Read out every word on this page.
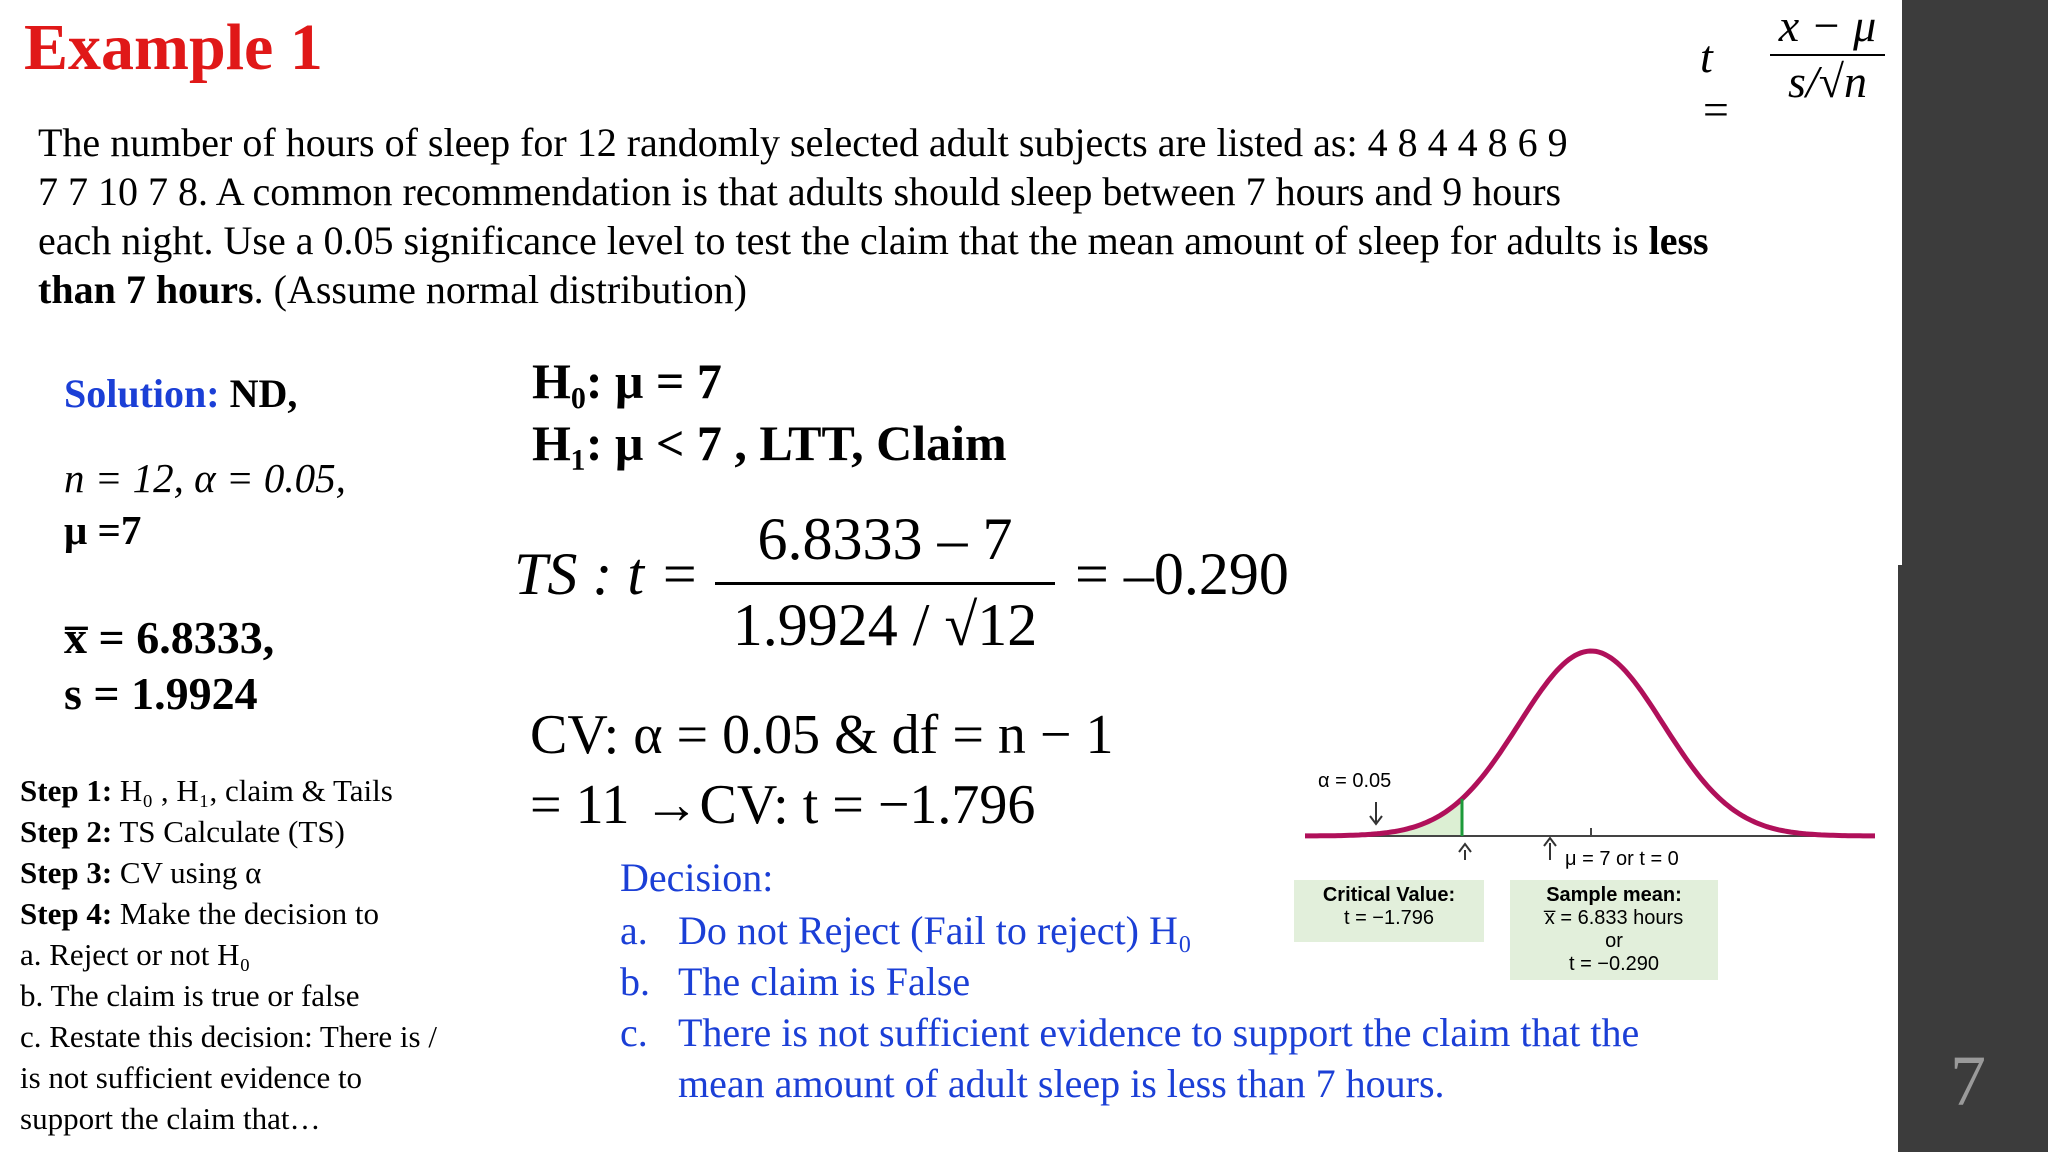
7
Example 1	t =
$\frac{x - \mu}{s/√n}$
The number of hours of sleep for 12 randomly selected adult subjects are listed as: 4 8 4 4 8 6 9
7 7 10 7 8. A common recommendation is that adults should sleep between 7 hours and 9 hours
each night. Use a 0.05 significance level to test the claim that the mean amount of sleep for adults is less
than 7 hours. (Assume normal distribution)
Solution: ND,
n = 12, α = 0.05,
μ =7
x̅ = 6.8333,
s = 1.9924
H₀: μ = 7
H₁: μ < 7 , LTT, Claim
TS : $t = \frac{6.8333 - 7}{1.9924 / √12} = -0.290$
CV: α = 0.05 & df = n − 1
= 11 →CV: t = −1.796
Step 1: H₀ , H₁, claim & Tails
Step 2: TS Calculate (TS)
Step 3: CV using α
Step 4: Make the decision to
a. Reject or not H₀
b. The claim is true or false
c. Restate this decision: There is /
is not sufficient evidence to
support the claim that…
Decision:
a. Do not Reject (Fail to reject) H₀
b. The claim is False
c. There is not sufficient evidence to support the claim that the mean amount of adult sleep is less than 7 hours.
α = 0.05
μ = 7 or t = 0
Critical Value:
t = −1.796
Sample mean:
x̅ = 6.833 hours
or
t = −0.290
